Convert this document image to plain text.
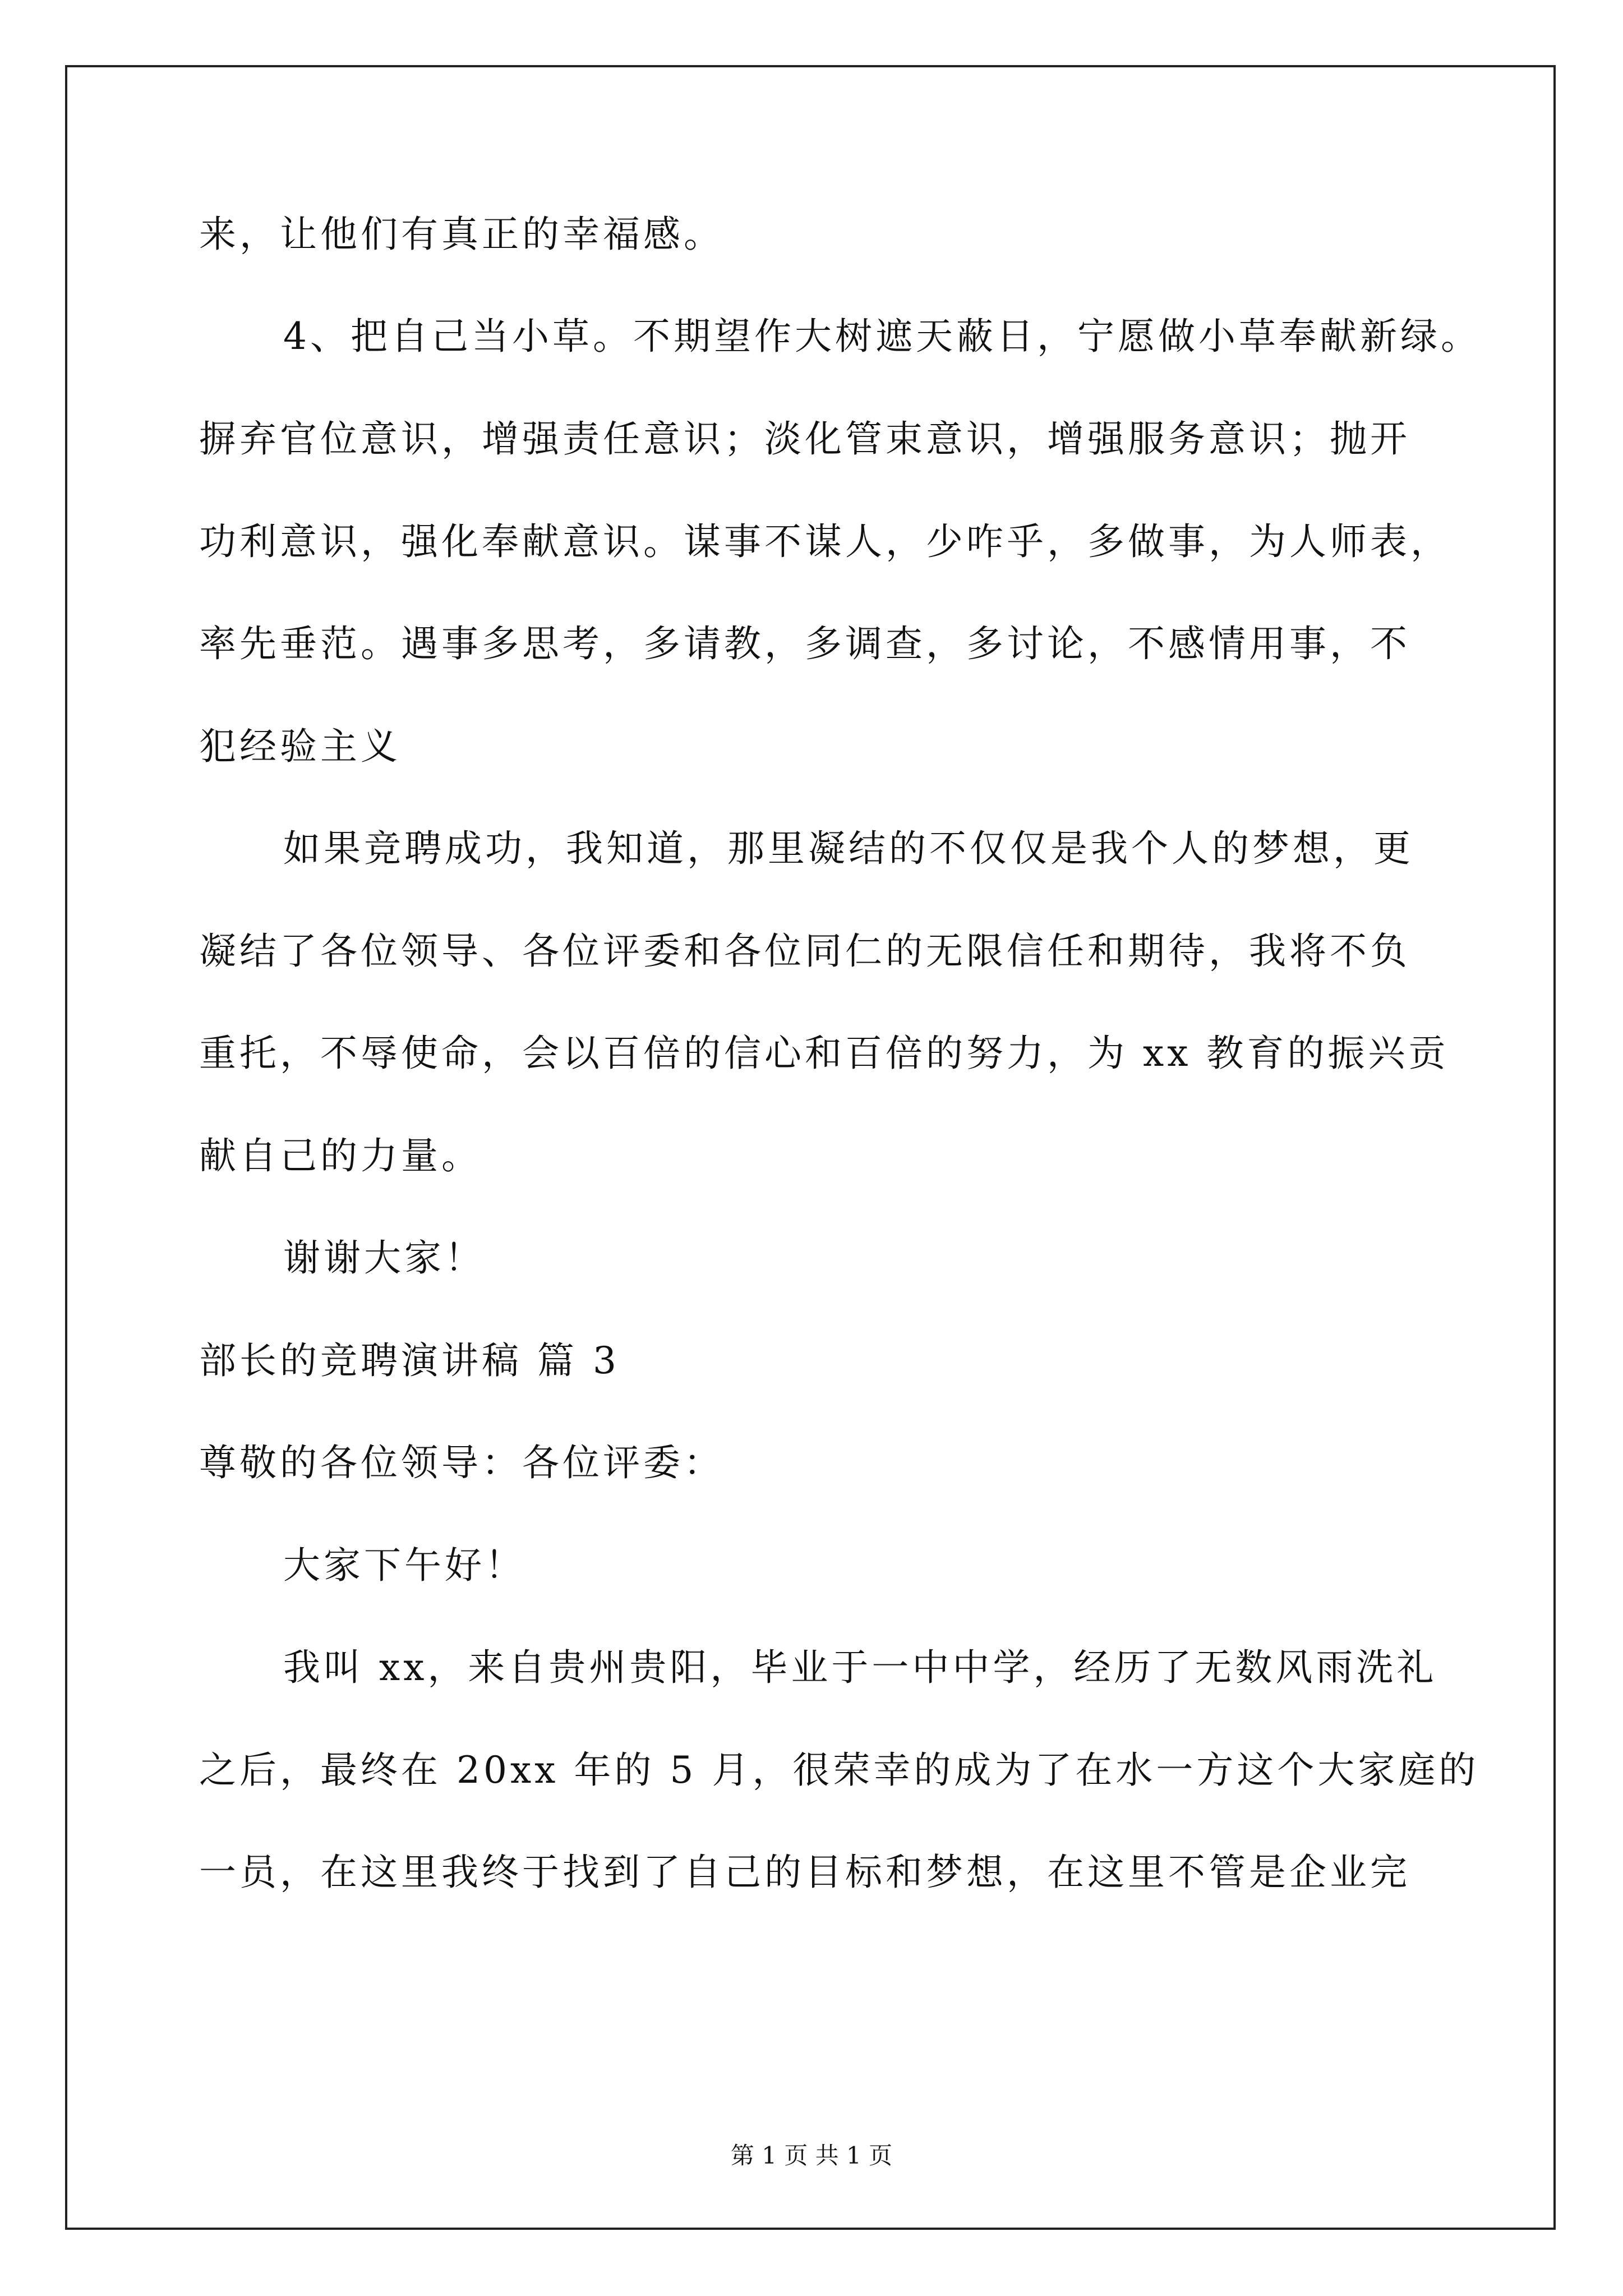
来，让他们有真正的幸福感。
4、把自己当小草。不期望作大树遮天蔽日，宁愿做小草奉献新绿。
摒弃官位意识，增强责任意识；淡化管束意识，增强服务意识；抛开
功利意识，强化奉献意识。谋事不谋人，少咋乎，多做事，为人师表，
率先垂范。遇事多思考，多请教，多调查，多讨论，不感情用事，不
犯经验主义
如果竞聘成功，我知道，那里凝结的不仅仅是我个人的梦想，更
凝结了各位领导、各位评委和各位同仁的无限信任和期待，我将不负
重托，不辱使命，会以百倍的信心和百倍的努力，为 xx 教育的振兴贡
献自己的力量。
谢谢大家！
部长的竞聘演讲稿 篇 3
尊敬的各位领导：各位评委：
大家下午好！
我叫 xx，来自贵州贵阳，毕业于一中中学，经历了无数风雨洗礼
之后，最终在 20xx 年的 5 月，很荣幸的成为了在水一方这个大家庭的
一员，在这里我终于找到了自己的目标和梦想，在这里不管是企业完
第 1 页 共 1 页
